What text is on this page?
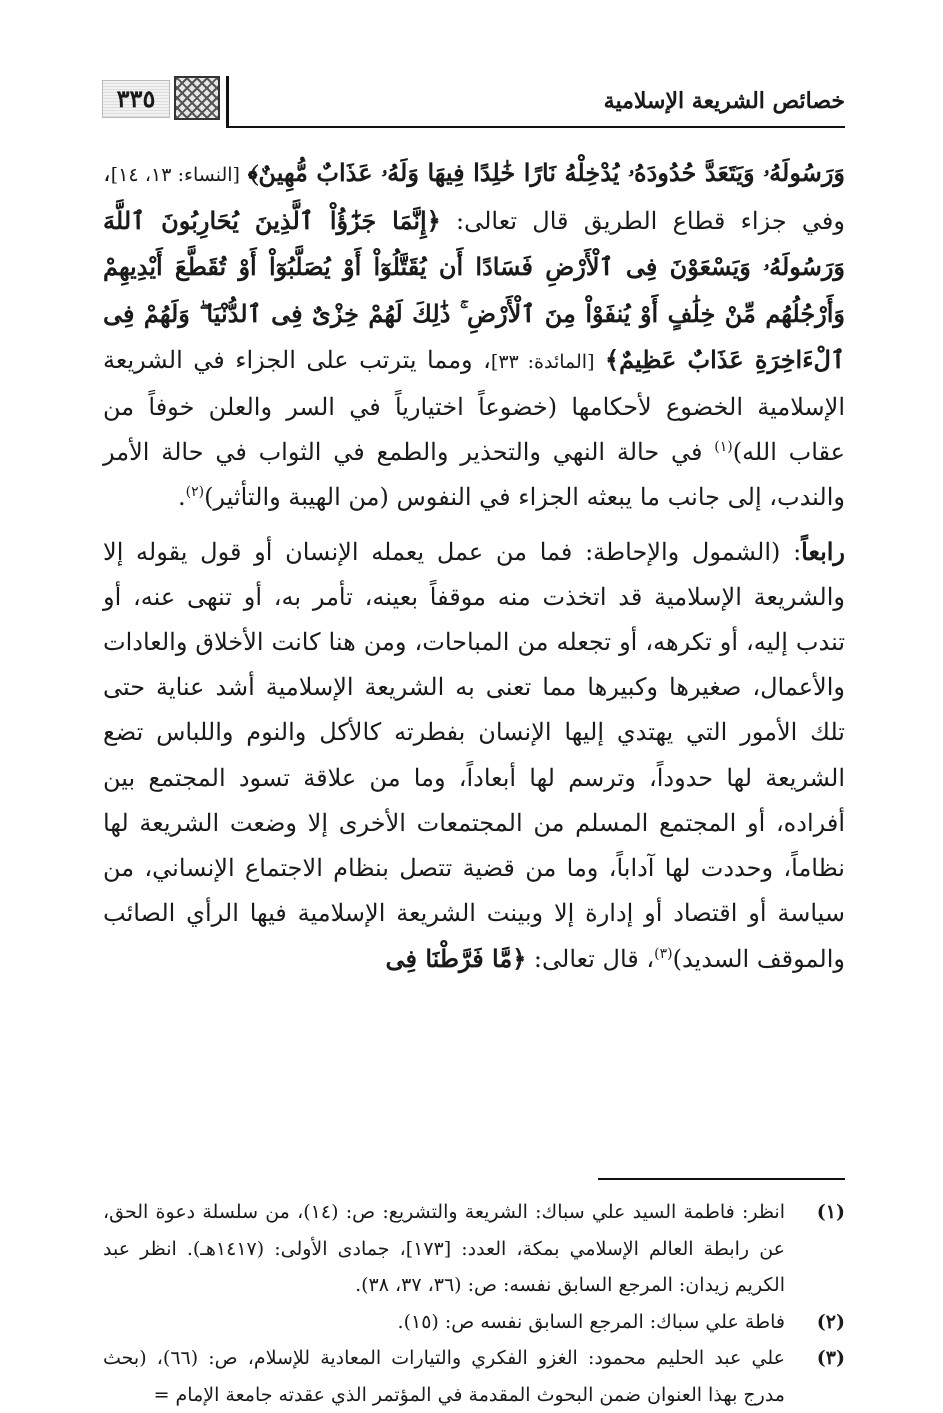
خصائص الشريعة الإسلامية
٣٣٥

وَرَسُولَهُۥ وَيَتَعَدَّ حُدُودَهُۥ يُدْخِلْهُ نَارًا خَٰلِدًا فِيهَا وَلَهُۥ عَذَابٌ مُّهِينٌ﴾ [النساء: ١٣، ١٤]، وفي جزاء قطاع الطريق قال تعالى: ﴿إِنَّمَا جَزَٰٓؤُاْ ٱلَّذِينَ يُحَارِبُونَ ٱللَّهَ وَرَسُولَهُۥ وَيَسْعَوْنَ فِى ٱلْأَرْضِ فَسَادًا أَن يُقَتَّلُوٓاْ أَوْ يُصَلَّبُوٓاْ أَوْ تُقَطَّعَ أَيْدِيهِمْ وَأَرْجُلُهُم مِّنْ خِلَٰفٍ أَوْ يُنفَوْاْ مِنَ ٱلْأَرْضِ ۚ ذَٰلِكَ لَهُمْ خِزْىٌ فِى ٱلدُّنْيَا ۖ وَلَهُمْ فِى ٱلْءَاخِرَةِ عَذَابٌ عَظِيمٌ﴾ [المائدة: ٣٣]، ومما يترتب على الجزاء في الشريعة الإسلامية الخضوع لأحكامها (خضوعاً اختيارياً في السر والعلن خوفاً من عقاب الله)$^{(١)}$ في حالة النهي والتحذير والطمع في الثواب في حالة الأمر والندب، إلى جانب ما يبعثه الجزاء في النفوس (من الهيبة والتأثير)$^{(٢)}$.

رابعاً: (الشمول والإحاطة: فما من عمل يعمله الإنسان أو قول يقوله إلا والشريعة الإسلامية قد اتخذت منه موقفاً بعينه، تأمر به، أو تنهى عنه، أو تندب إليه، أو تكرهه، أو تجعله من المباحات، ومن هنا كانت الأخلاق والعادات والأعمال، صغيرها وكبيرها مما تعنى به الشريعة الإسلامية أشد عناية حتى تلك الأمور التي يهتدي إليها الإنسان بفطرته كالأكل والنوم واللباس تضع الشريعة لها حدوداً، وترسم لها أبعاداً، وما من علاقة تسود المجتمع بين أفراده، أو المجتمع المسلم من المجتمعات الأخرى إلا وضعت الشريعة لها نظاماً، وحددت لها آداباً، وما من قضية تتصل بنظام الاجتماع الإنساني، من سياسة أو اقتصاد أو إدارة إلا وبينت الشريعة الإسلامية فيها الرأي الصائب والموقف السديد)$^{(٣)}$، قال تعالى: ﴿مَّا فَرَّطْنَا فِى

(١)
انظر: فاطمة السيد علي سباك: الشريعة والتشريع: ص: (١٤)، من سلسلة دعوة الحق، عن رابطة العالم الإسلامي بمكة، العدد: [١٧٣]، جمادى الأولى: (١٤١٧هـ). انظر عبد الكريم زيدان: المرجع السابق نفسه: ص: (٣٦، ٣٧، ٣٨).
(٢)
فاطة علي سباك: المرجع السابق نفسه ص: (١٥).
(٣)
علي عبد الحليم محمود: الغزو الفكري والتيارات المعادية للإسلام، ص: (٦٦)، (بحث مدرج بهذا العنوان ضمن البحوث المقدمة في المؤتمر الذي عقدته جامعة الإمام =
